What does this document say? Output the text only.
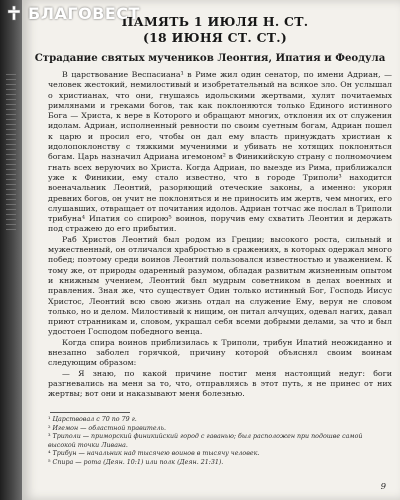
БЛАГОВЕСТ
ПАМЯТЬ 1 ИЮЛЯ Н. СТ.
(18 ИЮНЯ СТ. СТ.)
Страдание святых мучеников Леонтия, Ипатия и Феодула

В царствование Веспасиана¹ в Риме жил один сенатор, по имени Адриан, — человек жестокий, немилостивый и изобретательный на всякое зло. Он услышал о христианах, что они, гнушаясь идольскими жертвами, хулят почитаемых римлянами и греками богов, так как поклоняются только Единого истинного Бога — Христа, к вере в Которого и обращают многих, отклоняя их от служения идолам. Адриан, исполненный ревности по своим суетным богам, Адриан пошел к царю и просил его, чтобы он дал ему власть принуждать христиан к идолопоклонству с тяжкими мучениями и убивать не хотящих поклоняться богам. Царь назначил Адриана игемоном² в Финикийскую страну с полномочием гнать всех веруючих во Христа. Когда Адриан, по выезде из Рима, приближался уже к Финикии, ему стало известно, что в городе Триполи³ находится военачальник Леонтий, разоряющий отеческие законы, а именно: укоряя древних богов, он учит не поклоняться и не приносить им жертв, чем многих, его слушавших, отвращает от почитания идолов. Адриан тотчас же послал в Триполи трибуна⁴ Ипатия со спирою⁵ воинов, поручив ему схватить Леонтия и держать под стражею до его прибытия.

Раб Христов Леонтий был родом из Греции; высокого роста, сильный и мужественный, он отличался храбростью в сражениях, в которых одержал много побед; поэтому среди воинов Леонтий пользовался известностью и уважением. К тому же, от природы одаренный разумом, обладая развитым жизненным опытом и книжным учением, Леонтий был мудрым советником в делах военных и правления. Зная же, что существует Один только истинный Бог, Господь Иисус Христос, Леонтий всю свою жизнь отдал на служение Ему, веруя не словом только, но и делом. Милостивый к нищим, он питал алчущих, одевал нагих, давал приют странникам и, словом, украшал себя всеми добрыми делами, за что и был удостоен Господом победного венца.

Когда спира воинов приблизилась к Триполи, трибун Ипатий неожиданно и внезапно заболел горячкой, причину которой объяснял своим воинам следующим образом:

— Я знаю, по какой причине постиг меня настоящий недуг: боги разгневались на меня за то, что, отправляясь в этот путь, я не принес от них жертвы; вот они и наказывают меня болезнью.

¹ Царствовал с 70 по 79 г.
² Игемон — областной правитель.
³ Триполи — приморский финикийский город с гаванью; был расположен при подошве самой высокой точки Ливана.
⁴ Трибун — начальник над тысячею воинов в тысячу человек.
⁵ Спира — рота (Деян. 10:1) или полк (Деян. 21:31).
9
